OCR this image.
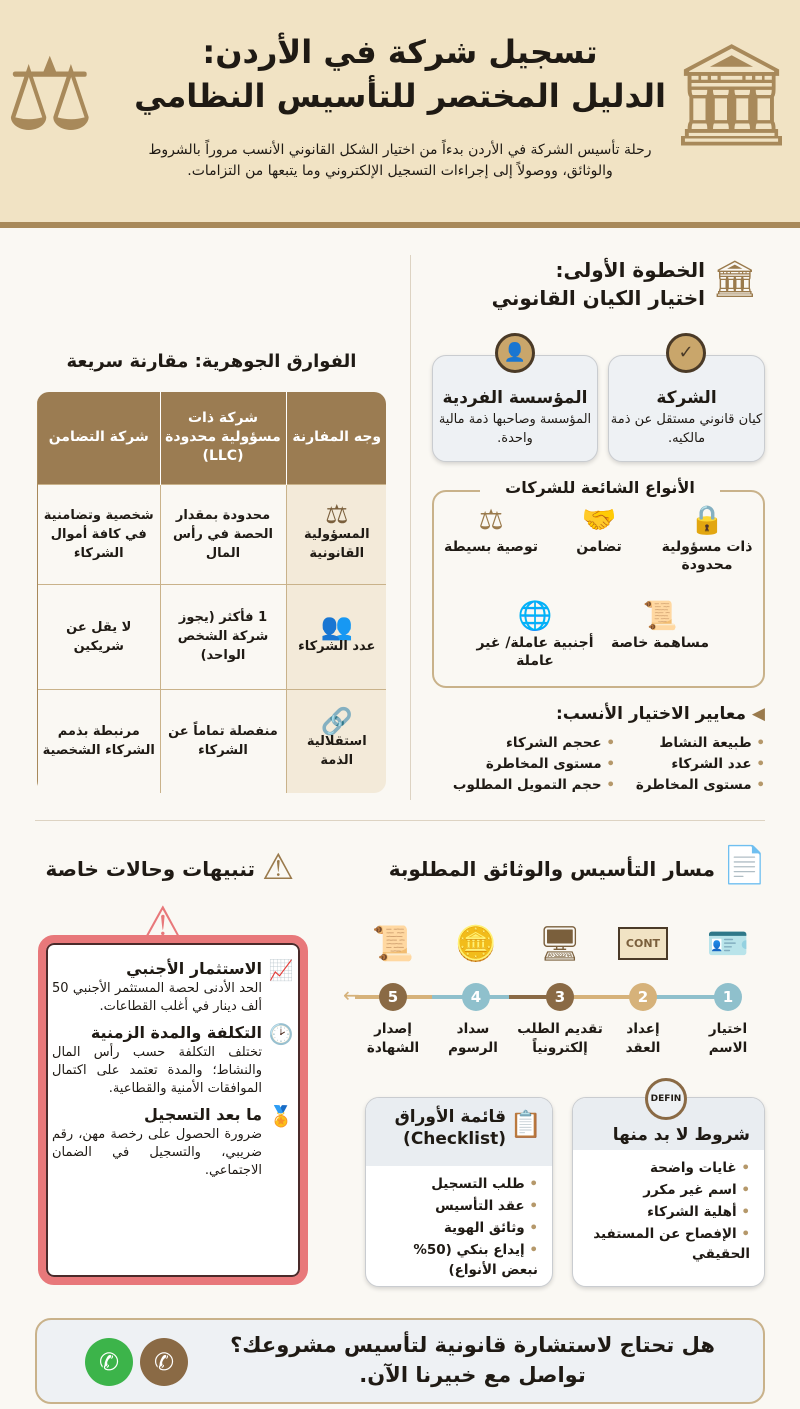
⚖	🏛
تسجيل شركة في الأردن:
الدليل المختصر للتأسيس النظامي
رحلة تأسيس الشركة في الأردن بدءاً من اختيار الشكل القانوني الأنسب مروراً بالشروط والوثائق، ووصولاً إلى إجراءات التسجيل الإلكتروني وما يتبعها من التزامات.
🏛
الخطوة الأولى:
اختيار الكيان القانوني
الشركة

كيان قانوني مستقل عن ذمة مالكيه.

✓
المؤسسة الفردية

المؤسسة وصاحبها ذمة مالية واحدة.

👤
الأنواع الشائعة للشركات
🔒
ذات مسؤولية محدودة
🤝
تضامن
⚖
توصية بسيطة
📜
مساهمة خاصة
🌐
أجنبية عاملة/ غير عاملة
◀ معايير الاختيار الأنسب:
• طبيعة النشاط
• عدد الشركاء
• مستوى المخاطرة
• عحجم الشركاء
• مستوى المخاطرة
• حجم التمويل المطلوب
الفوارق الجوهرية: مقارنة سريعة
وجه المفارنة	شركة ذات مسؤولية محدودة (LLC)	شركة التضامن

⚖
المسؤولية القانونية	محدودة بمقدار الحصة في رأس المال	شخصية وتضامنية في كافة أموال الشركاء

👥
عدد الشركاء	1 فأكثر (يجوز شركة الشخص الواحد)	لا يقل عن شريكين

🔗
استقلالية الذمة	منفصلة تماماً عن الشركاء	مرنبطة بذمم الشركاء الشخصية
📄
مسار التأسيس والوثائق المطلوبة
←
🪪
CONT
🖥
🪙
📜
1
2
3
4
5
اختيار الاسم
إعداد العقد
تقديم الطلب إلكترونياً
سداد الرسوم
إصدار الشهادة
شروط لا بد منها
• غايات واضحة
• اسم غير مكرر
• أهلية الشركاء
• الإفصاح عن المستفيد الحقيقي
DEFIN
قائمة الأوراق (Checklist) 📋
• طلب التسجيل
• عقد التأسيس
• وثائق الهوية
• إيداع بنكي (50% نبعض الأنواع)
⚠
تنبيهات وحالات خاصة
⚠
📈
الاستثمار الأجنبي
الحد الأدنى لحصة المستثمر الأجنبي 50 ألف دينار في أغلب القطاعات.
🕑
التكلفة والمدة الزمنية
تختلف التكلفة حسب رأس المال والنشاط؛ والمدة تعتمد على اكتمال الموافقات الأمنية والقطاعية.
🏅
ما بعد التسجيل
ضرورة الحصول على رخصة مهن، رقم ضريبي، والتسجيل في الضمان الاجتماعي.
هل تحتاج لاستشارة قانونية لتأسيس مشروعك؟
تواصل مع خبيرنا الآن.
✆
✆
